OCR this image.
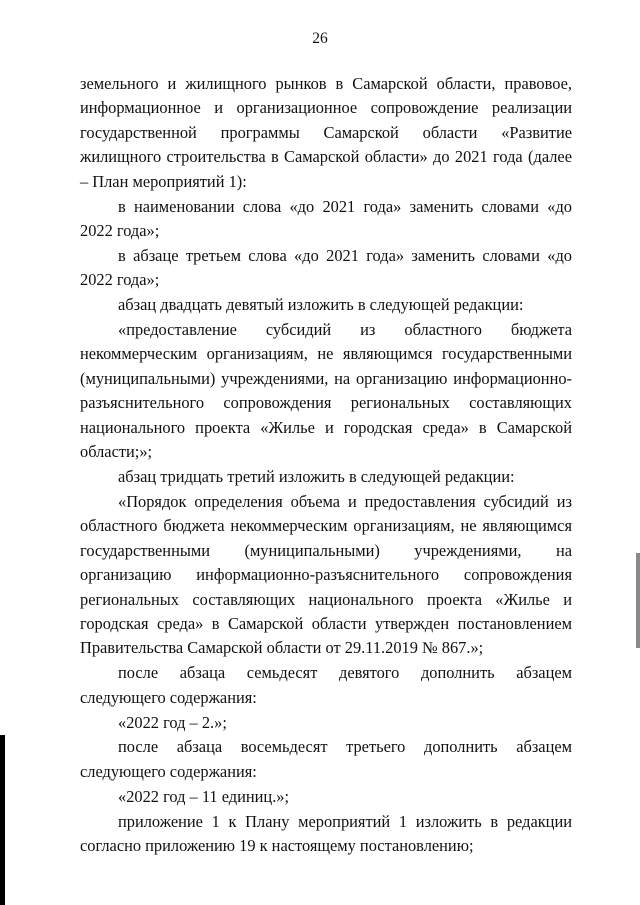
26

земельного и жилищного рынков в Самарской области, правовое, информационное и организационное сопровождение реализации государственной программы Самарской области «Развитие жилищного строительства в Самарской области» до 2021 года (далее – План мероприятий 1):

в наименовании слова «до 2021 года» заменить словами «до 2022 года»;

в абзаце третьем слова «до 2021 года» заменить словами «до 2022 года»;

абзац двадцать девятый изложить в следующей редакции:

«предоставление субсидий из областного бюджета некоммерческим организациям, не являющимся государственными (муниципальными) учреждениями, на организацию информационно-разъяснительного сопровождения региональных составляющих национального проекта «Жилье и городская среда» в Самарской области;»;

абзац тридцать третий изложить в следующей редакции:

«Порядок определения объема и предоставления субсидий из областного бюджета некоммерческим организациям, не являющимся государственными (муниципальными) учреждениями, на организацию информационно-разъяснительного сопровождения региональных составляющих национального проекта «Жилье и городская среда» в Самарской области утвержден постановлением Правительства Самарской области от 29.11.2019 № 867.»;

после абзаца семьдесят девятого дополнить абзацем следующего содержания:

«2022 год – 2.»;

после абзаца восемьдесят третьего дополнить абзацем следующего содержания:

«2022 год – 11 единиц.»;

приложение 1 к Плану мероприятий 1 изложить в редакции согласно приложению 19 к настоящему постановлению;
